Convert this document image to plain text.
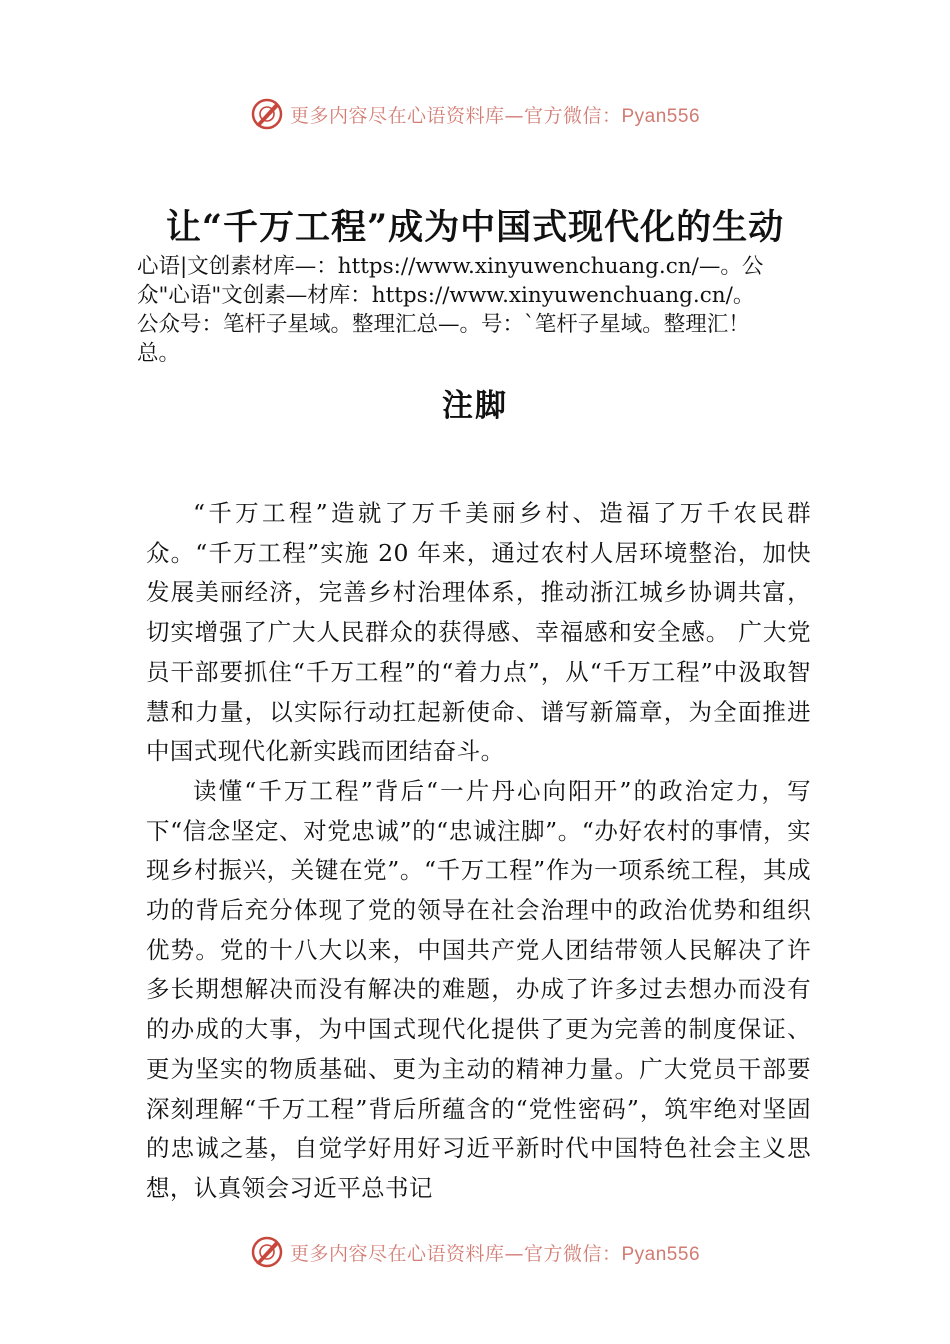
更多内容尽在心语资料库—官方微信：Pyan556
让“千万工程”成为中国式现代化的生动

心语|文创素材库—：https://www.xinyuwenchuang.cn/—。公

众"心语"文创素—材库：https://www.xinyuwenchuang.cn/。

公众号：笔杆子星域。整理汇总—。号：`笔杆子星域。整理汇！

总。

注脚

“千万工程”造就了万千美丽乡村、造福了万千农民群众。“千万工程”实施 20 年来，通过农村人居环境整治，加快发展美丽经济，完善乡村治理体系，推动浙江城乡协调共富，切实增强了广大人民群众的获得感、幸福感和安全感。 广大党员干部要抓住“千万工程”的“着力点”，从“千万工程”中汲取智慧和力量，以实际行动扛起新使命、谱写新篇章，为全面推进中国式现代化新实践而团结奋斗。

读懂“千万工程”背后“一片丹心向阳开”的政治定力，写下“信念坚定、对党忠诚”的“忠诚注脚”。“办好农村的事情，实现乡村振兴，关键在党”。“千万工程”作为一项系统工程，其成功的背后充分体现了党的领导在社会治理中的政治优势和组织优势。党的十八大以来，中国共产党人团结带领人民解决了许多长期想解决而没有解决的难题，办成了许多过去想办而没有的办成的大事，为中国式现代化提供了更为完善的制度保证、更为坚实的物质基础、更为主动的精神力量。广大党员干部要深刻理解“千万工程”背后所蕴含的“党性密码”，筑牢绝对坚固的忠诚之基，自觉学好用好习近平新时代中国特色社会主义思想，认真领会习近平总书记

更多内容尽在心语资料库—官方微信：Pyan556
